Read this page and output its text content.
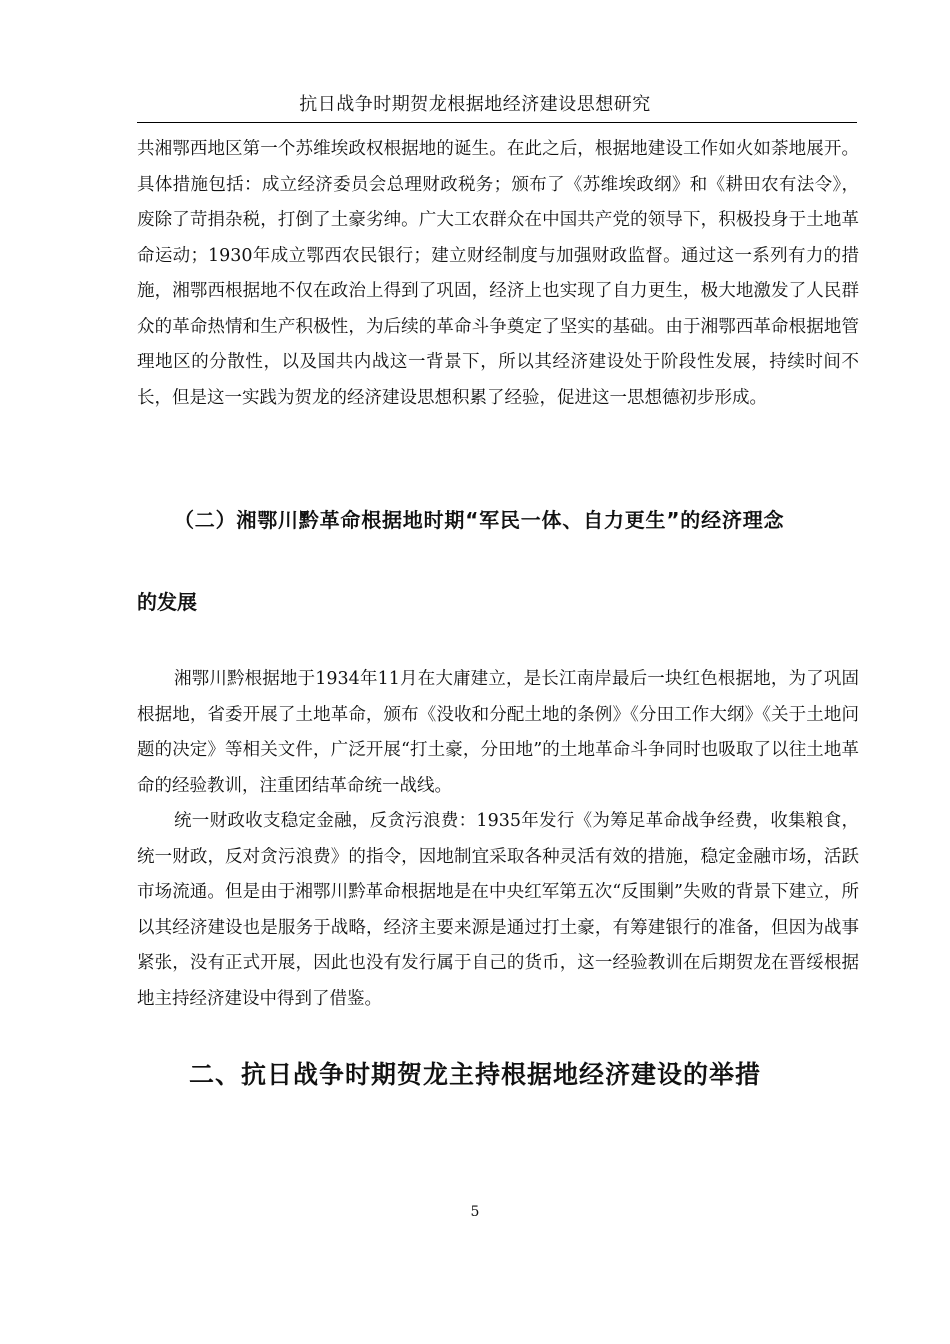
抗日战争时期贺龙根据地经济建设思想研究

共湘鄂西地区第一个苏维埃政权根据地的诞生。在此之后，根据地建设工作如火如荼地展开。具体措施包括：成立经济委员会总理财政税务；颁布了《苏维埃政纲》和《耕田农有法令》，废除了苛捐杂税，打倒了土豪劣绅。广大工农群众在中国共产党的领导下，积极投身于土地革命运动；1930年成立鄂西农民银行；建立财经制度与加强财政监督。通过这一系列有力的措施，湘鄂西根据地不仅在政治上得到了巩固，经济上也实现了自力更生，极大地激发了人民群众的革命热情和生产积极性，为后续的革命斗争奠定了坚实的基础。由于湘鄂西革命根据地管理地区的分散性，以及国共内战这一背景下，所以其经济建设处于阶段性发展，持续时间不长，但是这一实践为贺龙的经济建设思想积累了经验，促进这一思想德初步形成。

（二）湘鄂川黔革命根据地时期“军民一体、自力更生”的经济理念

的发展

湘鄂川黔根据地于1934年11月在大庸建立，是长江南岸最后一块红色根据地，为了巩固根据地，省委开展了土地革命，颁布《没收和分配土地的条例》《分田工作大纲》《关于土地问题的决定》等相关文件，广泛开展“打土豪，分田地”的土地革命斗争同时也吸取了以往土地革命的经验教训，注重团结革命统一战线。

统一财政收支稳定金融，反贪污浪费：1935年发行《为筹足革命战争经费，收集粮食，统一财政，反对贪污浪费》的指令，因地制宜采取各种灵活有效的措施，稳定金融市场，活跃市场流通。但是由于湘鄂川黔革命根据地是在中央红军第五次“反围剿”失败的背景下建立，所以其经济建设也是服务于战略，经济主要来源是通过打土豪，有筹建银行的准备，但因为战事紧张，没有正式开展，因此也没有发行属于自己的货币，这一经验教训在后期贺龙在晋绥根据地主持经济建设中得到了借鉴。

二、抗日战争时期贺龙主持根据地经济建设的举措
5
